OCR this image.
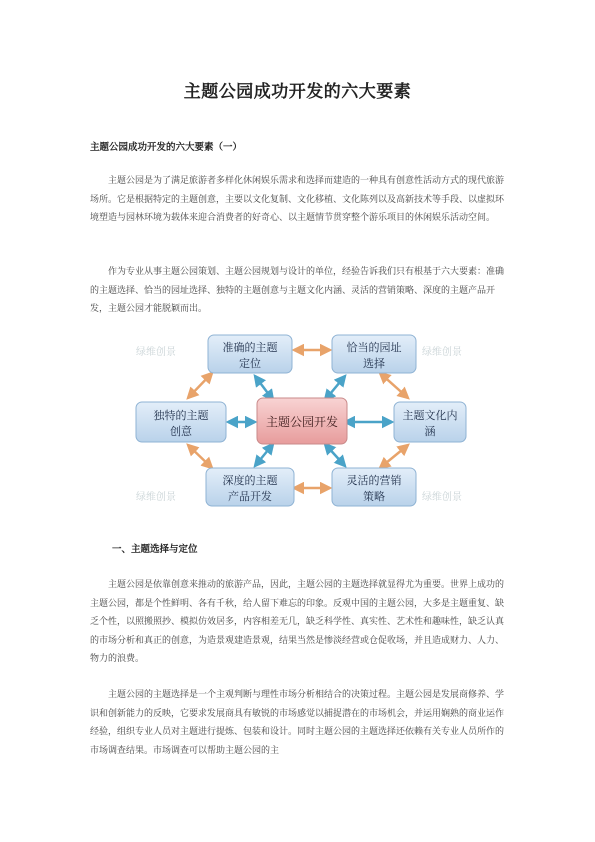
主题公园成功开发的六大要素
主题公园成功开发的六大要素（一）

主题公园是为了满足旅游者多样化休闲娱乐需求和选择而建造的一种具有创意性活动方式的现代旅游场所。它是根据特定的主题创意，主要以文化复制、文化移植、文化陈列以及高新技术等手段、以虚拟环境塑造与园林环境为载体来迎合消费者的好奇心、以主题情节贯穿整个游乐项目的休闲娱乐活动空间。

作为专业从事主题公园策划、主题公园规划与设计的单位，经验告诉我们只有根基于六大要素：准确的主题选择、恰当的园址选择、独特的主题创意与主题文化内涵、灵活的营销策略、深度的主题产品开发，主题公园才能脱颖而出。

绿维创景	绿维创景
绿维创景	绿维创景
准确的主题
定位
恰当的园址
选择
独特的主题
创意
主题文化内
涵
深度的主题
产品开发
灵活的营销
策略
主题公园开发
一、主题选择与定位

主题公园是依靠创意来推动的旅游产品，因此，主题公园的主题选择就显得尤为重要。世界上成功的主题公园，都是个性鲜明、各有千秋，给人留下难忘的印象。反观中国的主题公园，大多是主题重复、缺乏个性，以照搬照抄、模拟仿效居多，内容相差无几，缺乏科学性、真实性、艺术性和趣味性，缺乏认真的市场分析和真正的创意，为造景观建造景观，结果当然是惨淡经营或仓促收场，并且造成财力、人力、物力的浪费。

主题公园的主题选择是一个主观判断与理性市场分析相结合的决策过程。主题公园是发展商修养、学识和创新能力的反映，它要求发展商具有敏锐的市场感觉以捕捉潜在的市场机会，并运用娴熟的商业运作经验，组织专业人员对主题进行提炼、包装和设计。同时主题公园的主题选择还依赖有关专业人员所作的市场调查结果。市场调查可以帮助主题公园的主
